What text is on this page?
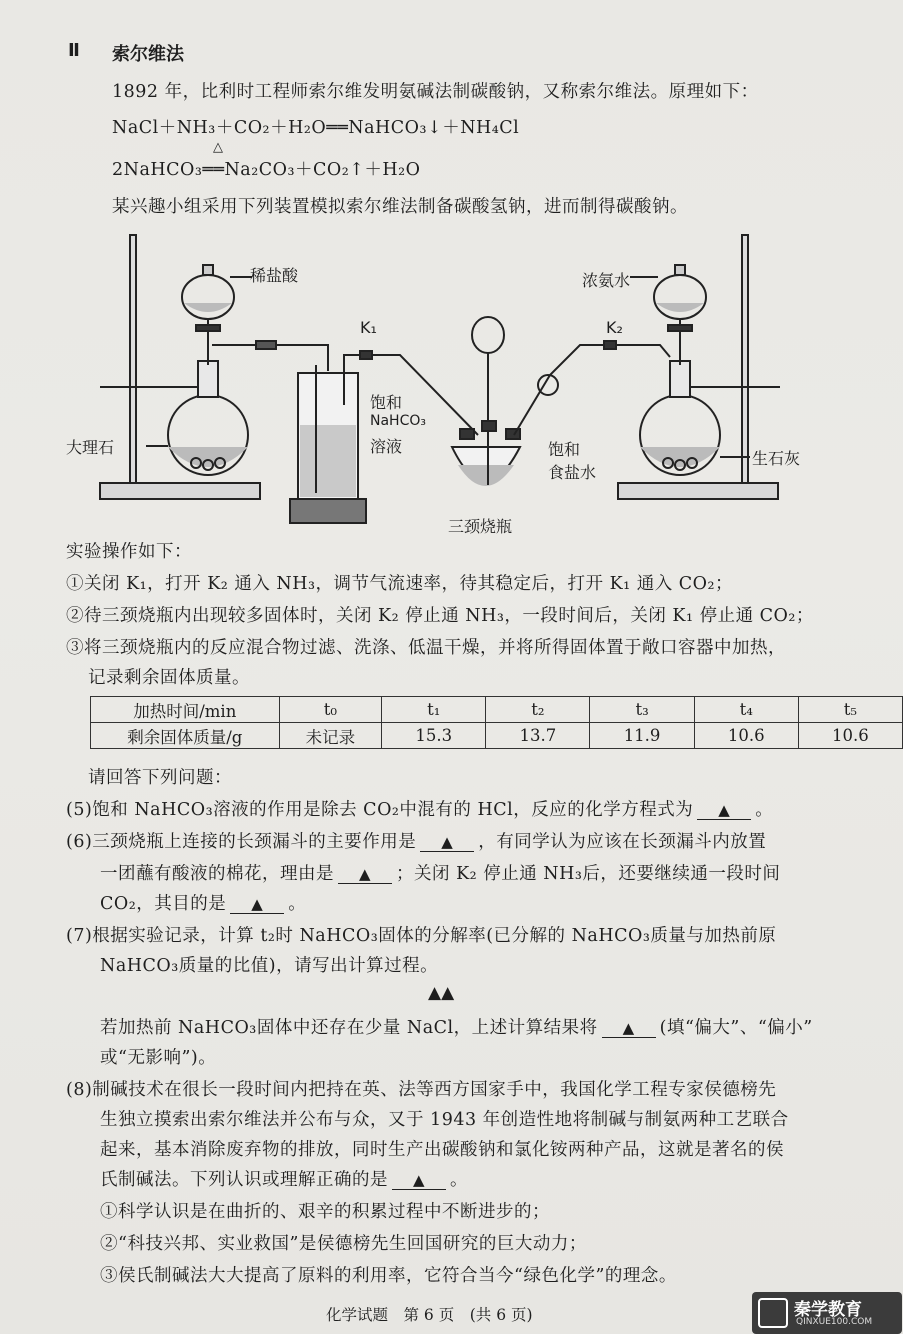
Ⅱ 索尔维法
1892 年，比利时工程师索尔维发明氨碱法制碳酸钠，又称索尔维法。原理如下：
NaCl＋NH₃＋CO₂＋H₂O══NaHCO₃↓＋NH₄Cl
2NaHCO₃══Na₂CO₃＋CO₂↑＋H₂O
△
某兴趣小组采用下列装置模拟索尔维法制备碳酸氢钠，进而制得碳酸钠。
稀盐酸
大理石
K₁
饱和
NaHCO₃
溶液
三颈烧瓶
饱和
食盐水
K₂
浓氨水
生石灰
实验操作如下：
①关闭 K₁，打开 K₂ 通入 NH₃，调节气流速率，待其稳定后，打开 K₁ 通入 CO₂；
②待三颈烧瓶内出现较多固体时，关闭 K₂ 停止通 NH₃，一段时间后，关闭 K₁ 停止通 CO₂；
③将三颈烧瓶内的反应混合物过滤、洗涤、低温干燥，并将所得固体置于敞口容器中加热，
记录剩余固体质量。
加热时间/min	t₀	t₁	t₂	t₃	t₄	t₅
剩余固体质量/g	未记录	15.3	13.7	11.9	10.6	10.6
请回答下列问题：
(5)饱和 NaHCO₃溶液的作用是除去 CO₂中混有的 HCl，反应的化学方程式为 ▲ 。
(6)三颈烧瓶上连接的长颈漏斗的主要作用是 ▲ ，有同学认为应该在长颈漏斗内放置
一团蘸有酸液的棉花，理由是 ▲ ；关闭 K₂ 停止通 NH₃后，还要继续通一段时间
CO₂，其目的是 ▲ 。
(7)根据实验记录，计算 t₂时 NaHCO₃固体的分解率(已分解的 NaHCO₃质量与加热前原
NaHCO₃质量的比值)，请写出计算过程。
▲▲
若加热前 NaHCO₃固体中还存在少量 NaCl，上述计算结果将 ▲ (填“偏大”、“偏小”
或“无影响”)。
(8)制碱技术在很长一段时间内把持在英、法等西方国家手中，我国化学工程专家侯德榜先
生独立摸索出索尔维法并公布与众，又于 1943 年创造性地将制碱与制氨两种工艺联合
起来，基本消除废弃物的排放，同时生产出碳酸钠和氯化铵两种产品，这就是著名的侯
氏制碱法。下列认识或理解正确的是 ▲ 。
①科学认识是在曲折的、艰辛的积累过程中不断进步的；
②“科技兴邦、实业救国”是侯德榜先生回国研究的巨大动力；
③侯氏制碱法大大提高了原料的利用率，它符合当今“绿色化学”的理念。
化学试题　第 6 页　(共 6 页)	秦学教育
QINXUE100.COM
